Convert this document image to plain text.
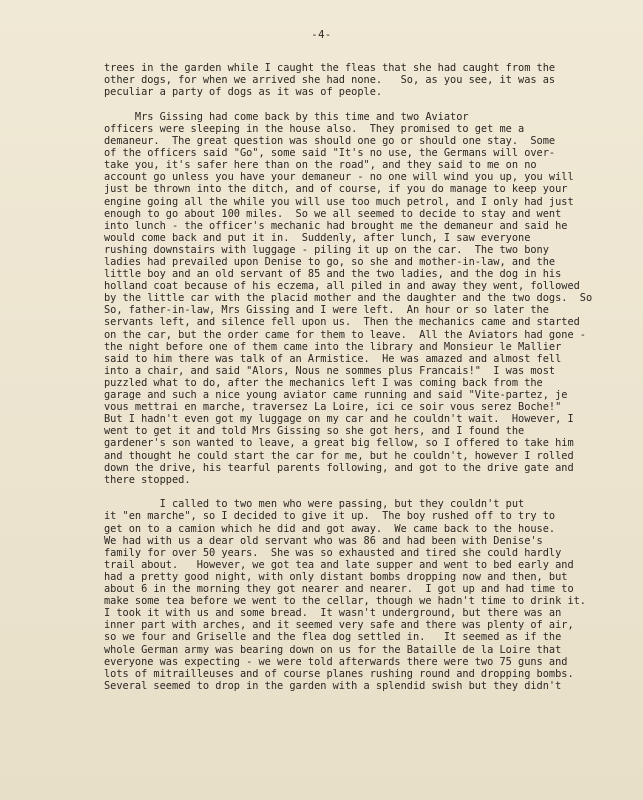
-4-
trees in the garden while I caught the fleas that she had caught from the
other dogs, for when we arrived she had none.   So, as you see, it was as
peculiar a party of dogs as it was of people.
Mrs Gissing had come back by this time and two Aviator
officers were sleeping in the house also.  They promised to get me a
demaneur.  The great question was should one go or should one stay.  Some
of the officers said "Go", some said "It's no use, the Germans will over-
take you, it's safer here than on the road", and they said to me on no
account go unless you have your demaneur - no one will wind you up, you will
just be thrown into the ditch, and of course, if you do manage to keep your
engine going all the while you will use too much petrol, and I only had just
enough to go about 100 miles.  So we all seemed to decide to stay and went
into lunch - the officer's mechanic had brought me the demaneur and said he
would come back and put it in.  Suddenly, after lunch, I saw everyone
rushing downstairs with luggage - piling it up on the car.  The two bony
ladies had prevailed upon Denise to go, so she and mother-in-law, and the
little boy and an old servant of 85 and the two ladies, and the dog in his
holland coat because of his eczema, all piled in and away they went, followed
by the little car with the placid mother and the daughter and the two dogs.  So
So, father-in-law, Mrs Gissing and I were left.  An hour or so later the
servants left, and silence fell upon us.  Then the mechanics came and started
on the car, but the order came for them to leave.  All the Aviators had gone -
the night before one of them came into the library and Monsieur le Mallier
said to him there was talk of an Armistice.  He was amazed and almost fell
into a chair, and said "Alors, Nous ne sommes plus Francais!"  I was most
puzzled what to do, after the mechanics left I was coming back from the
garage and such a nice young aviator came running and said "Vite-partez, je
vous mettrai en marche, traversez La Loire, ici ce soir vous serez Boche!"
But I hadn't even got my luggage on my car and he couldn't wait.  However, I
went to get it and told Mrs Gissing so she got hers, and I found the
gardener's son wanted to leave, a great big fellow, so I offered to take him
and thought he could start the car for me, but he couldn't, however I rolled
down the drive, his tearful parents following, and got to the drive gate and
there stopped.
I called to two men who were passing, but they couldn't put
it "en marche", so I decided to give it up.  The boy rushed off to try to
get on to a camion which he did and got away.  We came back to the house.
We had with us a dear old servant who was 86 and had been with Denise's
family for over 50 years.  She was so exhausted and tired she could hardly
trail about.   However, we got tea and late supper and went to bed early and
had a pretty good night, with only distant bombs dropping now and then, but
about 6 in the morning they got nearer and nearer.  I got up and had time to
make some tea before we went to the cellar, though we hadn't time to drink it.
I took it with us and some bread.  It wasn't underground, but there was an
inner part with arches, and it seemed very safe and there was plenty of air,
so we four and Griselle and the flea dog settled in.   It seemed as if the
whole German army was bearing down on us for the Bataille de la Loire that
everyone was expecting - we were told afterwards there were two 75 guns and
lots of mitrailleuses and of course planes rushing round and dropping bombs.
Several seemed to drop in the garden with a splendid swish but they didn't
